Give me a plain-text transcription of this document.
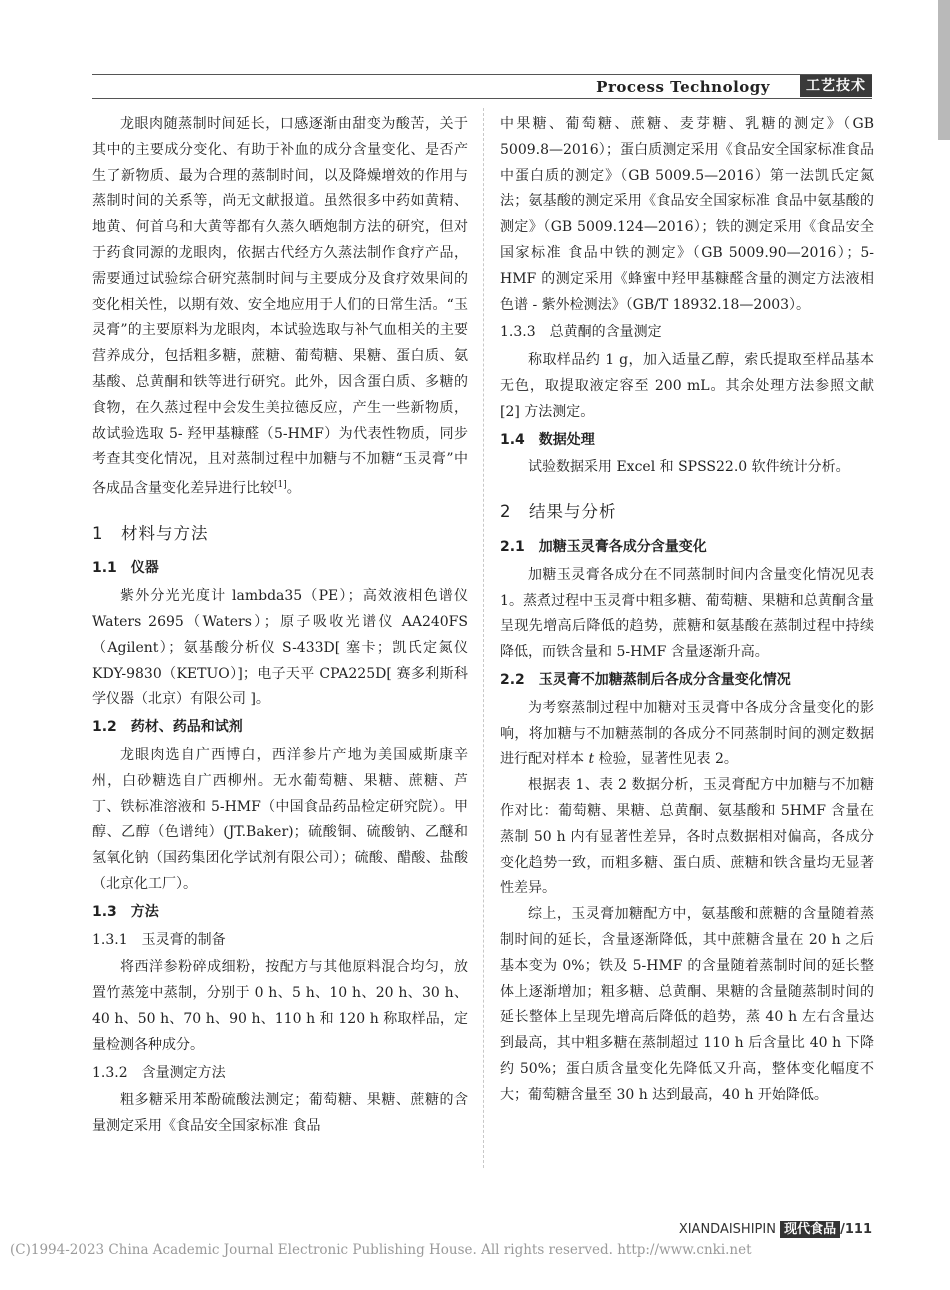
Process Technology	工艺技术

龙眼肉随蒸制时间延长，口感逐渐由甜变为酸苦，关于其中的主要成分变化、有助于补血的成分含量变化、是否产生了新物质、最为合理的蒸制时间，以及降燥增效的作用与蒸制时间的关系等，尚无文献报道。虽然很多中药如黄精、地黄、何首乌和大黄等都有久蒸久晒炮制方法的研究，但对于药食同源的龙眼肉，依据古代经方久蒸法制作食疗产品，需要通过试验综合研究蒸制时间与主要成分及食疗效果间的变化相关性，以期有效、安全地应用于人们的日常生活。“玉灵膏”的主要原料为龙眼肉，本试验选取与补气血相关的主要营养成分，包括粗多糖，蔗糖、葡萄糖、果糖、蛋白质、氨基酸、总黄酮和铁等进行研究。此外，因含蛋白质、多糖的食物，在久蒸过程中会发生美拉德反应，产生一些新物质，故试验选取 5- 羟甲基糠醛（5-HMF）为代表性物质，同步考查其变化情况，且对蒸制过程中加糖与不加糖“玉灵膏”中各成品含量变化差异进行比较[1]。

1　材料与方法

1.1　仪器

紫外分光光度计 lambda35（PE）；高效液相色谱仪 Waters 2695（Waters）；原子吸收光谱仪 AA240FS（Agilent）；氨基酸分析仪 S-433D[ 塞卡；凯氏定氮仪 KDY-9830（KETUO）]；电子天平 CPA225D[ 赛多利斯科学仪器（北京）有限公司 ]。

1.2　药材、药品和试剂

龙眼肉选自广西博白，西洋参片产地为美国威斯康辛州，白砂糖选自广西柳州。无水葡萄糖、果糖、蔗糖、芦丁、铁标准溶液和 5-HMF（中国食品药品检定研究院）。甲醇、乙醇（色谱纯）(JT.Baker)；硫酸铜、硫酸钠、乙醚和氢氧化钠（国药集团化学试剂有限公司）；硫酸、醋酸、盐酸（北京化工厂）。

1.3　方法

1.3.1　玉灵膏的制备

将西洋参粉碎成细粉，按配方与其他原料混合均匀，放置竹蒸笼中蒸制，分别于 0 h、5 h、10 h、20 h、30 h、40 h、50 h、70 h、90 h、110 h 和 120 h 称取样品，定量检测各种成分。

1.3.2　含量测定方法

粗多糖采用苯酚硫酸法测定；葡萄糖、果糖、蔗糖的含量测定采用《食品安全国家标准 食品

中果糖、葡萄糖、蔗糖、麦芽糖、乳糖的测定》（GB 5009.8—2016）；蛋白质测定采用《食品安全国家标准食品中蛋白质的测定》（GB 5009.5—2016）第一法凯氏定氮法；氨基酸的测定采用《食品安全国家标准 食品中氨基酸的测定》（GB 5009.124—2016）；铁的测定采用《食品安全国家标准 食品中铁的测定》（GB 5009.90—2016）；5-HMF 的测定采用《蜂蜜中羟甲基糠醛含量的测定方法液相色谱 - 紫外检测法》（GB/T 18932.18—2003）。

1.3.3　总黄酮的含量测定

称取样品约 1 g，加入适量乙醇，索氏提取至样品基本无色，取提取液定容至 200 mL。其余处理方法参照文献 [2] 方法测定。

1.4　数据处理

试验数据采用 Excel 和 SPSS22.0 软件统计分析。

2　结果与分析

2.1　加糖玉灵膏各成分含量变化

加糖玉灵膏各成分在不同蒸制时间内含量变化情况见表 1。蒸煮过程中玉灵膏中粗多糖、葡萄糖、果糖和总黄酮含量呈现先增高后降低的趋势，蔗糖和氨基酸在蒸制过程中持续降低，而铁含量和 5-HMF 含量逐渐升高。

2.2　玉灵膏不加糖蒸制后各成分含量变化情况

为考察蒸制过程中加糖对玉灵膏中各成分含量变化的影响，将加糖与不加糖蒸制的各成分不同蒸制时间的测定数据进行配对样本 t 检验，显著性见表 2。

根据表 1、表 2 数据分析，玉灵膏配方中加糖与不加糖作对比：葡萄糖、果糖、总黄酮、氨基酸和 5HMF 含量在蒸制 50 h 内有显著性差异，各时点数据相对偏高，各成分变化趋势一致，而粗多糖、蛋白质、蔗糖和铁含量均无显著性差异。

综上，玉灵膏加糖配方中，氨基酸和蔗糖的含量随着蒸制时间的延长，含量逐渐降低，其中蔗糖含量在 20 h 之后基本变为 0%；铁及 5-HMF 的含量随着蒸制时间的延长整体上逐渐增加；粗多糖、总黄酮、果糖的含量随蒸制时间的延长整体上呈现先增高后降低的趋势，蒸 40 h 左右含量达到最高，其中粗多糖在蒸制超过 110 h 后含量比 40 h 下降约 50%；蛋白质含量变化先降低又升高，整体变化幅度不大；葡萄糖含量至 30 h 达到最高，40 h 开始降低。

XIANDAISHIPIN 现代食品 /111
(C)1994-2023 China Academic Journal Electronic Publishing House. All rights reserved. http://www.cnki.net
